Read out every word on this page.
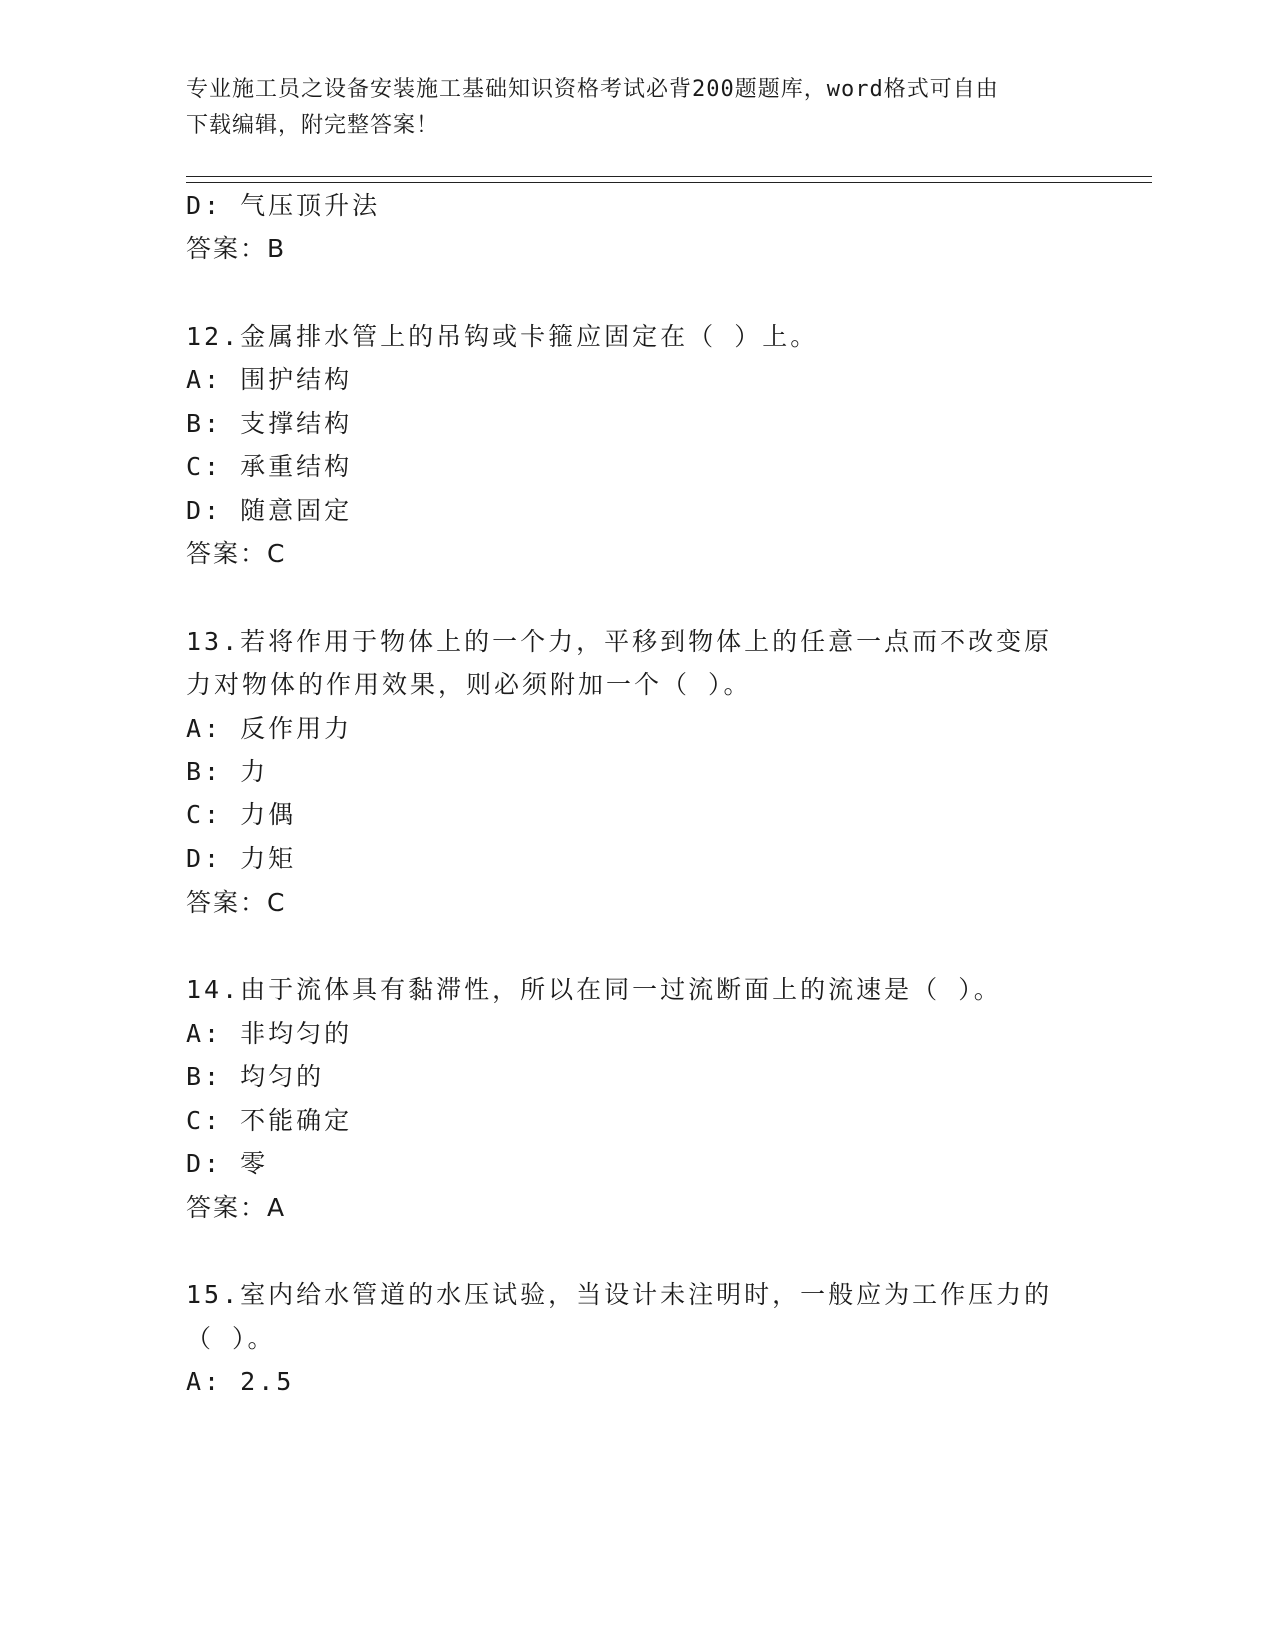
专业施工员之设备安装施工基础知识资格考试必背200题题库，word格式可自由
下载编辑，附完整答案！
D: 气压顶升法
答案：B
12.金属排水管上的吊钩或卡箍应固定在（ ）上。
A: 围护结构
B: 支撑结构
C: 承重结构
D: 随意固定
答案：C
13.若将作用于物体上的一个力，平移到物体上的任意一点而不改变原
力对物体的作用效果，则必须附加一个（ ）。
A: 反作用力
B: 力
C: 力偶
D: 力矩
答案：C
14.由于流体具有黏滞性，所以在同一过流断面上的流速是（ ）。
A: 非均匀的
B: 均匀的
C: 不能确定
D: 零
答案：A
15.室内给水管道的水压试验，当设计未注明时，一般应为工作压力的
（ ）。
A: 2.5
